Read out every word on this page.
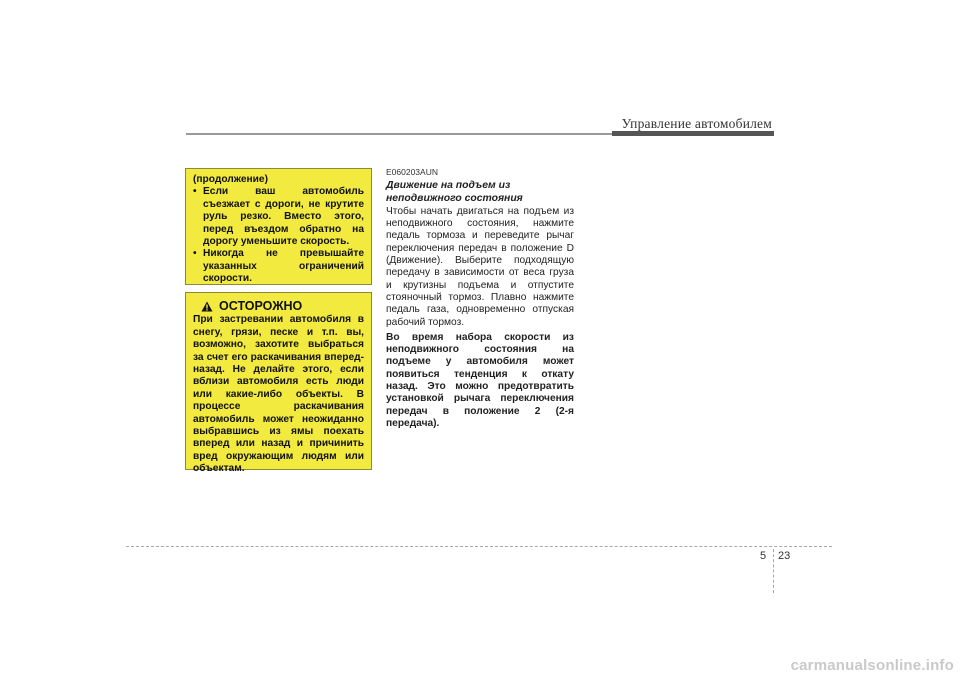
Управление автомобилем

(продолжение)

• Если ваш автомобиль съезжает с дороги, не крутите руль резко. Вместо этого, перед въездом обратно на дорогу уменьшите скорость.
• Никогда не превышайте указанных ограничений скорости.
ОСТОРОЖНО

При застревании автомобиля в снегу, грязи, песке и т.п. вы, возможно, захотите выбраться за счет его раскачивания вперед-назад. Не делайте этого, если вблизи автомобиля есть люди или какие-либо объекты. В процессе раскачивания автомобиль может неожиданно выбравшись из ямы поехать вперед или назад и причинить вред окружающим людям или объектам.

E060203AUN
Движение на подъем из неподвижного состояния

Чтобы начать двигаться на подъем из неподвижного состояния, нажмите педаль тормоза и переведите рычаг переключения передач в положение D (Движение). Выберите подходящую передачу в зависимости от веса груза и крутизны подъема и отпустите стояночный тормоз. Плавно нажмите педаль газа, одновременно отпуская рабочий тормоз.

Во время набора скорости из неподвижного состояния на подъеме у автомобиля может появиться тенденция к откату назад. Это можно предотвратить установкой рычага переключения передач в положение 2 (2-я передача).

5 23
carmanualsonline.info
